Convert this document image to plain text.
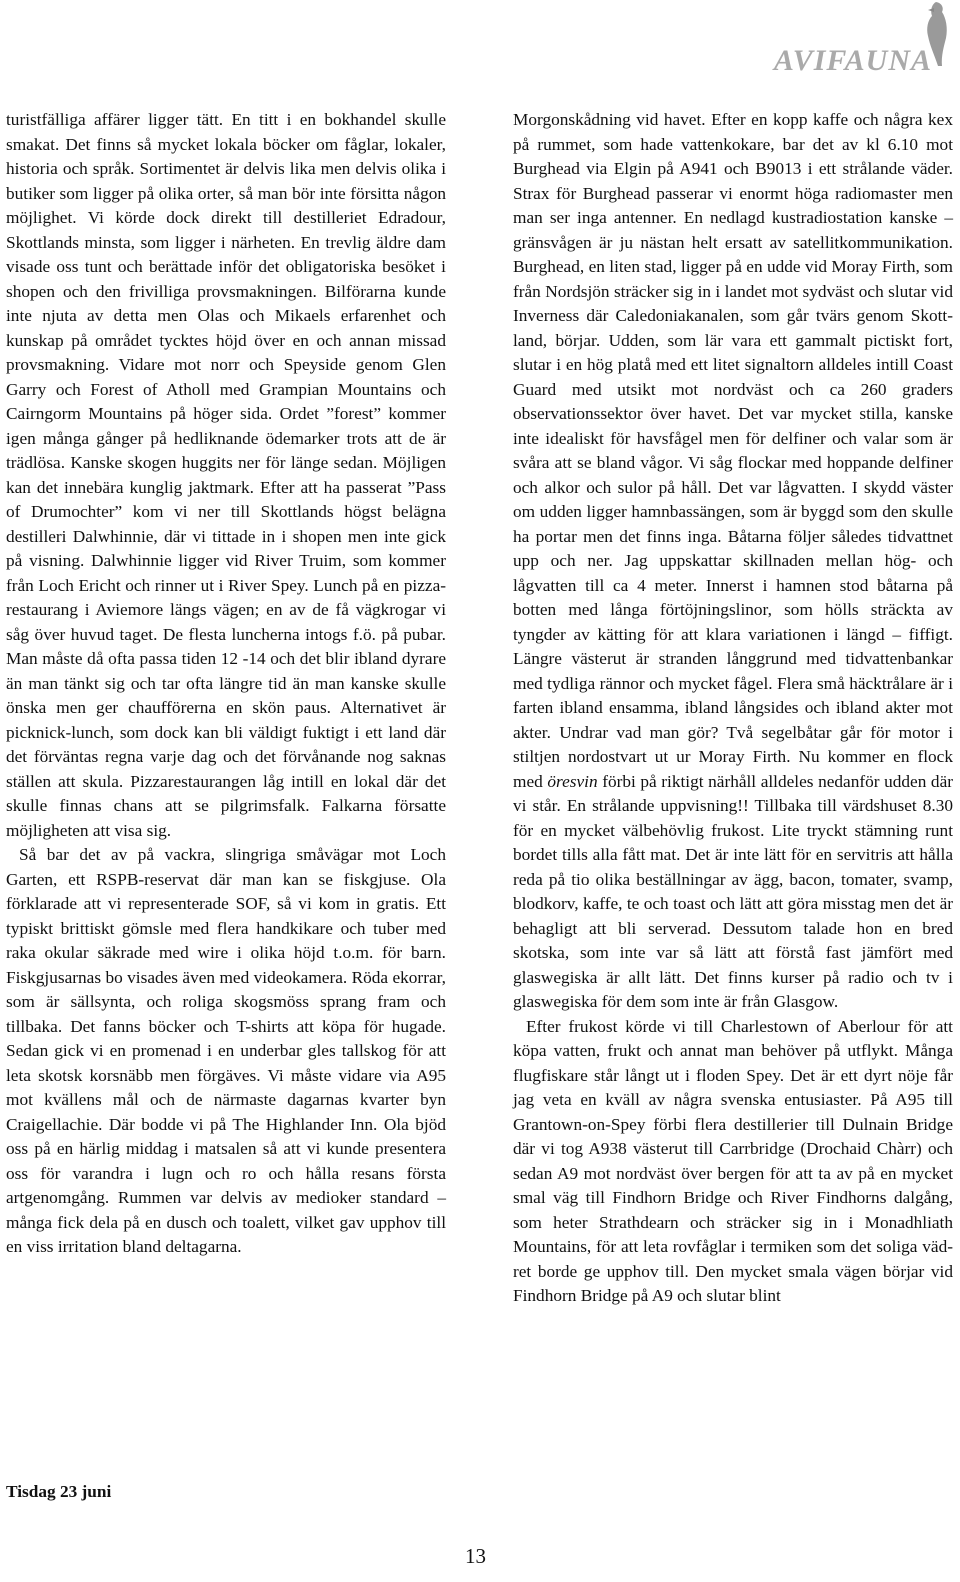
AVIFAUNA

turistfälliga affärer ligger tätt. En titt i en bokhandel skulle smakat. Det finns så mycket lokala böcker om fåglar, lokaler, historia och språk. Sortimentet är delvis lika men delvis olika i butiker som ligger på olika orter, så man bör inte försitta någon möjlighet. Vi körde dock direkt till destilleriet Edradour, Skottlands minsta, som ligger i närheten. En trevlig äldre dam visade oss tunt och berättade inför det obligatoriska besöket i shopen och den frivilliga provsmakningen. Bilförarna kunde inte njuta av detta men Olas och Mikaels erfarenhet och kunskap på området tycktes höjd över en och annan missad provsmakning. Vidare mot norr och Speyside genom Glen Garry och Forest of Atholl med Grampian Mountains och Cairngorm Mountains på höger sida. Ordet ”forest” kommer igen många gånger på hedliknande ödemarker trots att de är trädlösa. Kanske skogen huggits ner för länge sedan. Möjligen kan det innebära kunglig jaktmark. Efter att ha passerat ”Pass of Drumochter” kom vi ner till Skottlands högst belägna destilleri Dalwhinnie, där vi tittade in i shopen men inte gick på visning. Dalwhinnie ligger vid River Truim, som kommer från Loch Ericht och rinner ut i River Spey. Lunch på en pizza-restaurang i Aviemore längs vägen; en av de få vägkrogar vi såg över huvud taget. De flesta luncherna intogs f.ö. på pubar. Man måste då ofta passa tiden 12 -14 och det blir ibland dyrare än man tänkt sig och tar ofta längre tid än man kanske skulle önska men ger chaufförerna en skön paus. Alternativet är picknick-lunch, som dock kan bli väldigt fuktigt i ett land där det förväntas regna varje dag och det förvånande nog saknas ställen att skula. Pizzarestaurangen låg intill en lokal där det skulle finnas chans att se pilgrimsfalk. Falkarna försatte möjligheten att visa sig.

Så bar det av på vackra, slingriga småvägar mot Loch Garten, ett RSPB-reservat där man kan se fiskgjuse. Ola förklarade att vi representerade SOF, så vi kom in gratis. Ett typiskt brittiskt gömsle med flera handkikare och tuber med raka okular säkrade med wire i olika höjd t.o.m. för barn. Fiskgjusarnas bo visades även med videokamera. Röda ekorrar, som är sällsynta, och roliga skogsmöss sprang fram och tillbaka. Det fanns böcker och T-shirts att köpa för hugade. Sedan gick vi en promenad i en underbar gles tallskog för att leta skotsk korsnäbb men förgäves. Vi måste vidare via A95 mot kvällens mål och de närmaste dagarnas kvarter byn Craigellachie. Där bodde vi på The Highlander Inn. Ola bjöd oss på en härlig middag i matsalen så att vi kunde presentera oss för varandra i lugn och ro och hålla resans första artgenomgång. Rummen var delvis av medioker standard – många fick dela på en dusch och toalett, vilket gav upphov till en viss irritation bland deltagarna.

Tisdag 23 juni

Morgonskådning vid havet. Efter en kopp kaffe och några kex på rummet, som hade vattenkokare, bar det av kl 6.10 mot Burghead via Elgin på A941 och B9013 i ett strålande väder. Strax för Burghead passerar vi enormt höga radiomaster men man ser inga antenner. En nedlagd kustradiostation kanske – gränsvågen är ju nästan helt ersatt av satellitkommunikation. Burghead, en liten stad, ligger på en udde vid Moray Firth, som från Nordsjön sträcker sig in i landet mot sydväst och slutar vid Inverness där Caledoniakanalen, som går tvärs genom Skottland, börjar. Udden, som lär vara ett gammalt pictiskt fort, slutar i en hög platå med ett litet signaltorn alldeles intill Coast Guard med utsikt mot nordväst och ca 260 graders observationssektor över havet. Det var mycket stilla, kanske inte idealiskt för havsfågel men för delfiner och valar som är svåra att se bland vågor. Vi såg flockar med hoppande delfiner och alkor och sulor på håll. Det var lågvatten. I skydd väster om udden ligger hamnbassängen, som är byggd som den skulle ha portar men det finns inga. Båtarna följer således tidvattnet upp och ner. Jag uppskattar skillnaden mellan hög- och lågvatten till ca 4 meter. Innerst i hamnen stod båtarna på botten med långa förtöjningslinor, som hölls sträckta av tyngder av kätting för att klara variationen i längd – fiffigt. Längre västerut är stranden långgrund med tidvattenbankar med tydliga rännor och mycket fågel. Flera små häcktrålare är i farten ibland ensamma, ibland långsides och ibland akter mot akter. Undrar vad man gör? Två segelbåtar går för motor i stiltjen nordostvart ut ur Moray Firth. Nu kommer en flock med öresvin förbi på riktigt närhåll alldeles nedanför udden där vi står. En strålande uppvisning!! Tillbaka till värdshuset 8.30 för en mycket välbehövlig frukost. Lite tryckt stämning runt bordet tills alla fått mat. Det är inte lätt för en servitris att hålla reda på tio olika beställningar av ägg, bacon, tomater, svamp, blodkorv, kaffe, te och toast och lätt att göra misstag men det är behagligt att bli serverad. Dessutom talade hon en bred skotska, som inte var så lätt att förstå fast jämfört med glaswegiska är allt lätt. Det finns kurser på radio och tv i glaswegiska för dem som inte är från Glasgow.

Efter frukost körde vi till Charlestown of Aberlour för att köpa vatten, frukt och annat man behöver på utflykt. Många flugfiskare står långt ut i floden Spey. Det är ett dyrt nöje får jag veta en kväll av några svenska entusiaster. På A95 till Grantown-on-Spey förbi flera destillerier till Dulnain Bridge där vi tog A938 västerut till Carrbridge (Drochaid Chàrr) och sedan A9 mot nordväst över bergen för att ta av på en mycket smal väg till Findhorn Bridge och River Findhorns dalgång, som heter Strathdearn och sträcker sig in i Monadhliath Mountains, för att leta rovfåglar i termiken som det soliga vädret borde ge upphov till. Den mycket smala vägen börjar vid Findhorn Bridge på A9 och slutar blint

13
